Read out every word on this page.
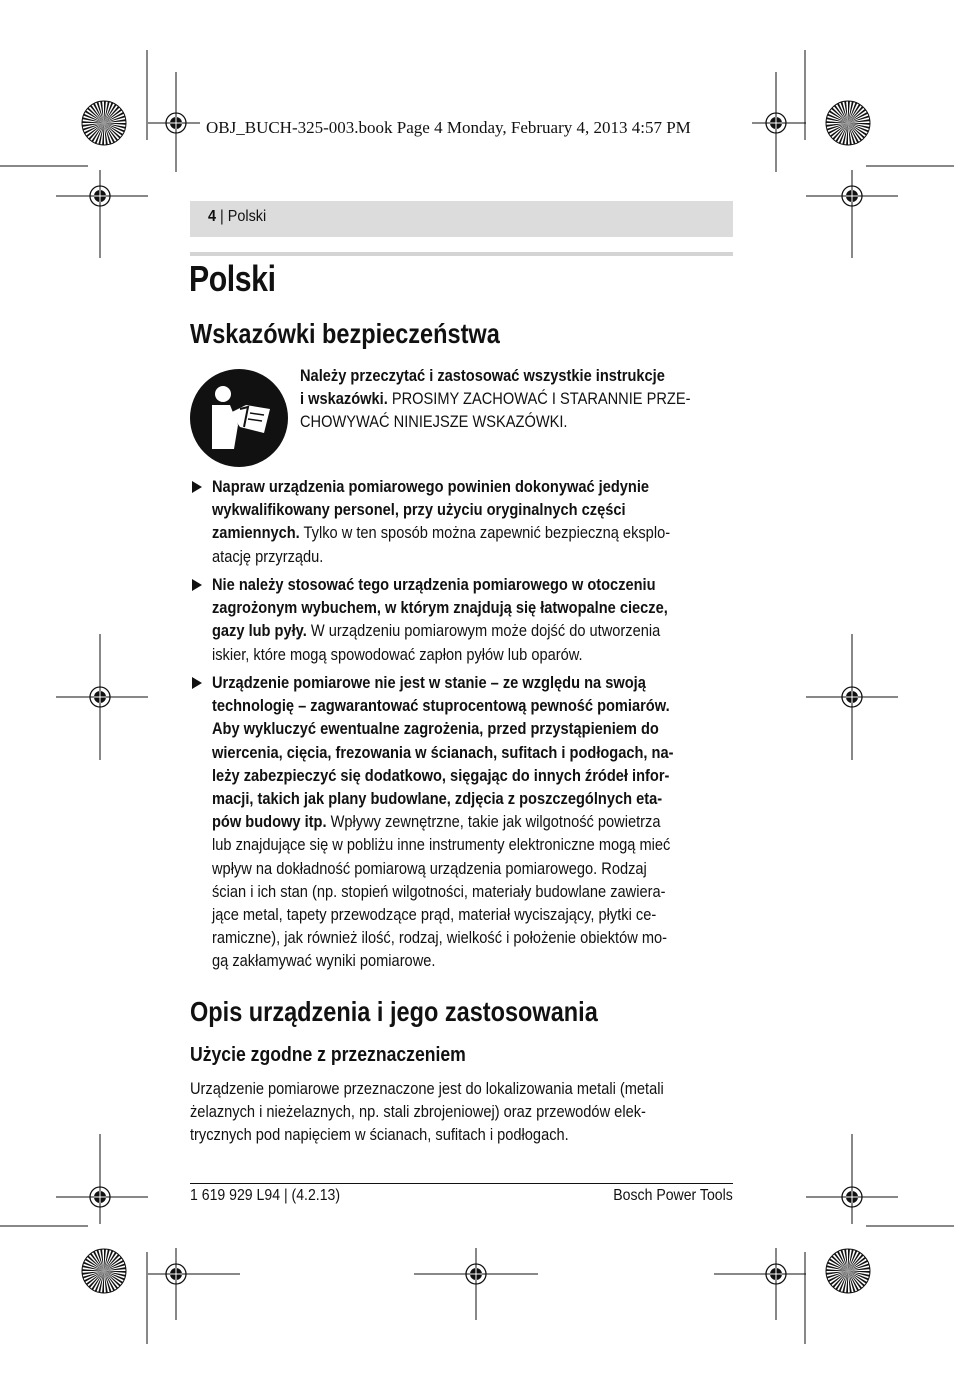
OBJ_BUCH-325-003.book Page 4 Monday, February 4, 2013 4:57 PM
4 | Polski
Polski
Wskazówki bezpieczeństwa
Należy przeczytać i zastosować wszystkie instrukcje
i wskazówki. PROSIMY ZACHOWAĆ I STARANNIE PRZE-
CHOWYWAĆ NINIEJSZE WSKAZÓWKI.
Napraw urządzenia pomiarowego powinien dokonywać jedynie
wykwalifikowany personel, przy użyciu oryginalnych części
zamiennych. Tylko w ten sposób można zapewnić bezpieczną eksplo-
atację przyrządu.
Nie należy stosować tego urządzenia pomiarowego w otoczeniu
zagrożonym wybuchem, w którym znajdują się łatwopalne ciecze,
gazy lub pyły. W urządzeniu pomiarowym może dojść do utworzenia
iskier, które mogą spowodować zapłon pyłów lub oparów.
Urządzenie pomiarowe nie jest w stanie – ze względu na swoją
technologię – zagwarantować stuprocentową pewność pomiarów.
Aby wykluczyć ewentualne zagrożenia, przed przystąpieniem do
wiercenia, cięcia, frezowania w ścianach, sufitach i podłogach, na-
leży zabezpieczyć się dodatkowo, sięgając do innych źródeł infor-
macji, takich jak plany budowlane, zdjęcia z poszczególnych eta-
pów budowy itp. Wpływy zewnętrzne, takie jak wilgotność powietrza
lub znajdujące się w pobliżu inne instrumenty elektroniczne mogą mieć
wpływ na dokładność pomiarową urządzenia pomiarowego. Rodzaj
ścian i ich stan (np. stopień wilgotności, materiały budowlane zawiera-
jące metal, tapety przewodzące prąd, materiał wyciszający, płytki ce-
ramiczne), jak również ilość, rodzaj, wielkość i położenie obiektów mo-
gą zakłamywać wyniki pomiarowe.
Opis urządzenia i jego zastosowania
Użycie zgodne z przeznaczeniem
Urządzenie pomiarowe przeznaczone jest do lokalizowania metali (metali
żelaznych i nieżelaznych, np. stali zbrojeniowej) oraz przewodów elek-
trycznych pod napięciem w ścianach, sufitach i podłogach.
1 619 929 L94 | (4.2.13)	Bosch Power Tools
